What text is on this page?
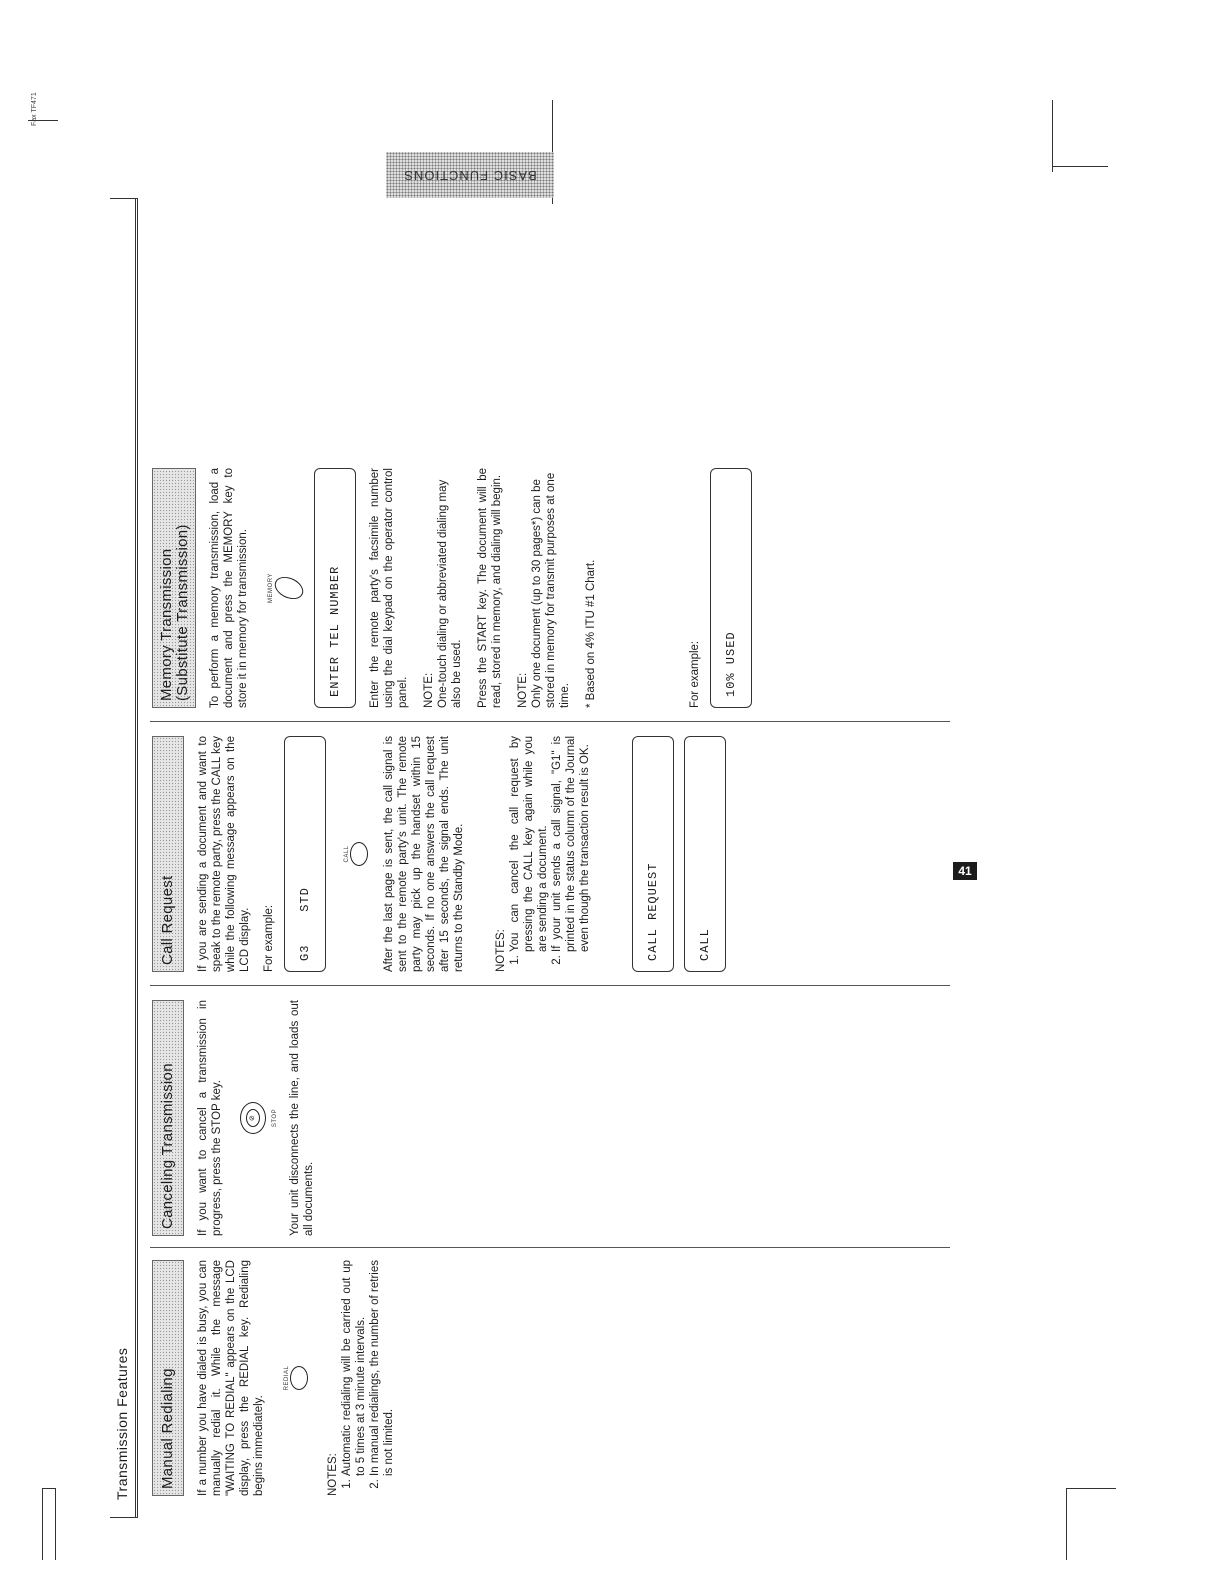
Fax TF471
BASIC FUNCTIONS
Transmission Features	Manual Redialing	If a number you have dialed is busy, you can manually redial it. While the message "WAITING TO REDIAL" appears on the LCD display, press the REDIAL key. Redialing begins immediately.

REDIAL
NOTES: 1. Automatic redialing will be carried out up to 5 times at 3 minute intervals. 2. In manual redialings, the number of retries is not limited.
Canceling Transmission	If you want to cancel a transmission in progress, press the STOP key.	⊘	STOP Your unit disconnects the line, and loads out all documents.

Call Request	If you are sending a document and want to speak to the remote party, press the CALL key while the following message appears on the LCD display. For example:	G3    STD
CALL	After the last page is sent, the call signal is sent to the remote party's unit. The remote party may pick up the handset within 15 seconds. If no one answers the call request after 15 seconds, the signal ends. The unit returns to the Standby Mode.	NOTES: 1. You can cancel the call request by pressing the CALL key again while you are sending a document. 2. If your unit sends a call signal, "G1" is printed in the status column of the Journal even though the transaction result is OK.	CALL REQUEST	CALL
Memory Transmission (Substitute Transmission) To perform a memory transmission, load a document and press the MEMORY key to store it in memory for transmission.	MEMORY	ENTER TEL NUMBER	Enter the remote party's facsimile number using the dial keypad on the operator control panel. NOTE: One-touch dialing or abbreviated dialing may also be used. Press the START key. The document will be read, stored in memory, and dialing will begin. NOTE: Only one document (up to 30 pages*) can be stored in memory for transmit purposes at one time. * Based on 4% ITU #1 Chart.	For example:	10% USED
41
